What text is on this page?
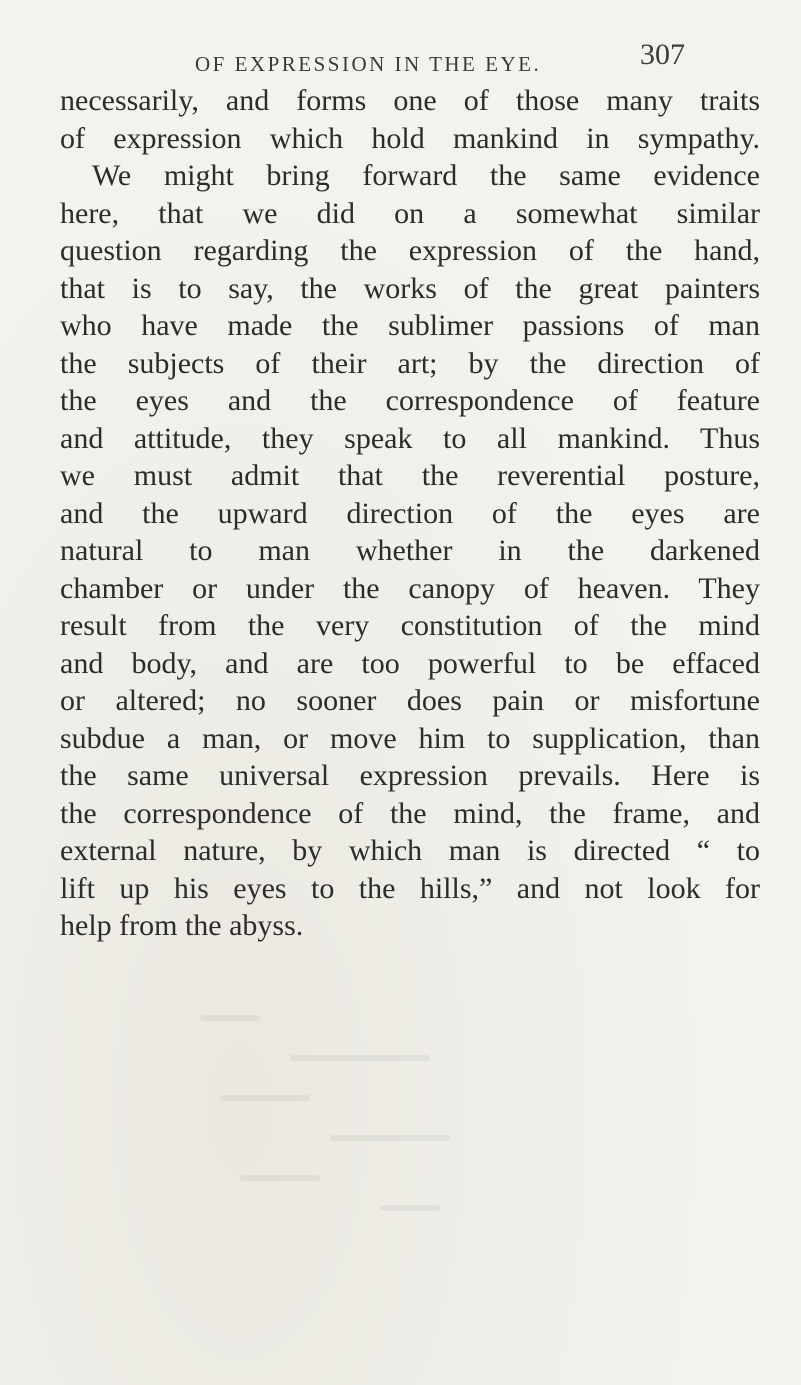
OF EXPRESSION IN THE EYE.	307
necessarily, and forms one of those many traits
of expression which hold mankind in sympathy.
We might bring forward the same evidence
here, that we did on a somewhat similar
question regarding the expression of the hand,
that is to say, the works of the great painters
who have made the sublimer passions of man
the subjects of their art; by the direction of
the eyes and the correspondence of feature
and attitude, they speak to all mankind. Thus
we must admit that the reverential posture,
and the upward direction of the eyes are
natural to man whether in the darkened
chamber or under the canopy of heaven. They
result from the very constitution of the mind
and body, and are too powerful to be effaced
or altered; no sooner does pain or misfortune
subdue a man, or move him to supplication, than
the same universal expression prevails. Here is
the correspondence of the mind, the frame, and
external nature, by which man is directed “ to
lift up his eyes to the hills,” and not look for
help from the abyss.
